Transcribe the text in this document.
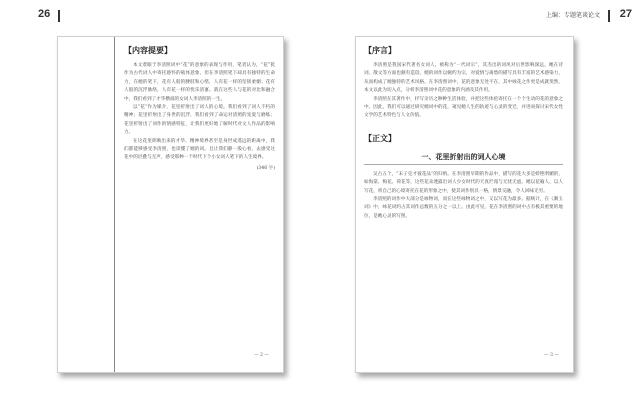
26	上编：专题笔谈论文 27
【内容提要】

本文着眼于李清照词中“花”的意象的表现与作用，笔者认为，“花”犹作为古代词人中寄托感怀的载体意象，但在李清照笔下却具有独特的生命力，在她的笔下，花有人般的腰肢和心绪，人有花一样的坚韧柔媚；花有人般的沉浮脉络，人有花一样的忧乐清寥。就在这些人与花的对比和融合中，我们看到了才华横溢的女词人李清照的一生。

以“花”作为媒介，花里折射出了词人的心境。我们看到了词人不朽的精神；花里折射出了身世的沉浮，我们看到了命运对清照的宠爱与磨练；花里折射出了词作的情感特征，让我们更好地了解时代对文人作品的影响力。

在这花里朗映出来的才华、精神境界甚至是身世成遥远的距离中，我们都能够感受李清照，也读懂了她的词。且让我们静一般心看，去感受这花中的层叠与无声，感受那种一个时代下个小女词人笔下的人生境界。

(346 字)
— 2 —
【序言】

李清照是我国宋代著名女词人，被称为“一代词宗”，其杰出的词风对后世影响深远。她在诗词、散文等方面也颇有造诣。她的词作以婉约为宗，对爱情与离愁的描写具有丰富的艺术感染力，从而构成了她独特的艺术风格。在李清照词中，花的意象无处不在，其中咏花之作更是成就斐然，本文以此为切入点，分析李清照词中花的意象的内涵及其作用。

李清照在其著作中，抒写亲历之种种生活体验，并把这些体验寄托在一个个生动的花的意象之中。因此，我们可以通过研究她词中的花，窥见她人生的轨迹与心灵的变迁，并进而探讨宋代女性文学的艺术特色与人文价值。

【正文】
一、花里折射出的词人心境

吴古五个，“末子克才彼花品”的归纳。在李清照早期的作品中，描写的花大多是娇艳明媚的，如海棠、梅花、荷花等，这些花朵透露出词人少女时代的天真烂漫与无忧无虑。她以花喻人、以人写花，将自己的心境寄托在花的形象之中，使其词作别具一格，情景交融，令人回味无穷。

李清照的词作中大部分是咏物词，而在这些咏物词之中，又以写花为最多。据统计，在《漱玉词》中，咏花词约占其词作总数的五分之一以上。由此可见，花在李清照的词中占有极其重要的地位，是她心灵的写照。

— 3 —
